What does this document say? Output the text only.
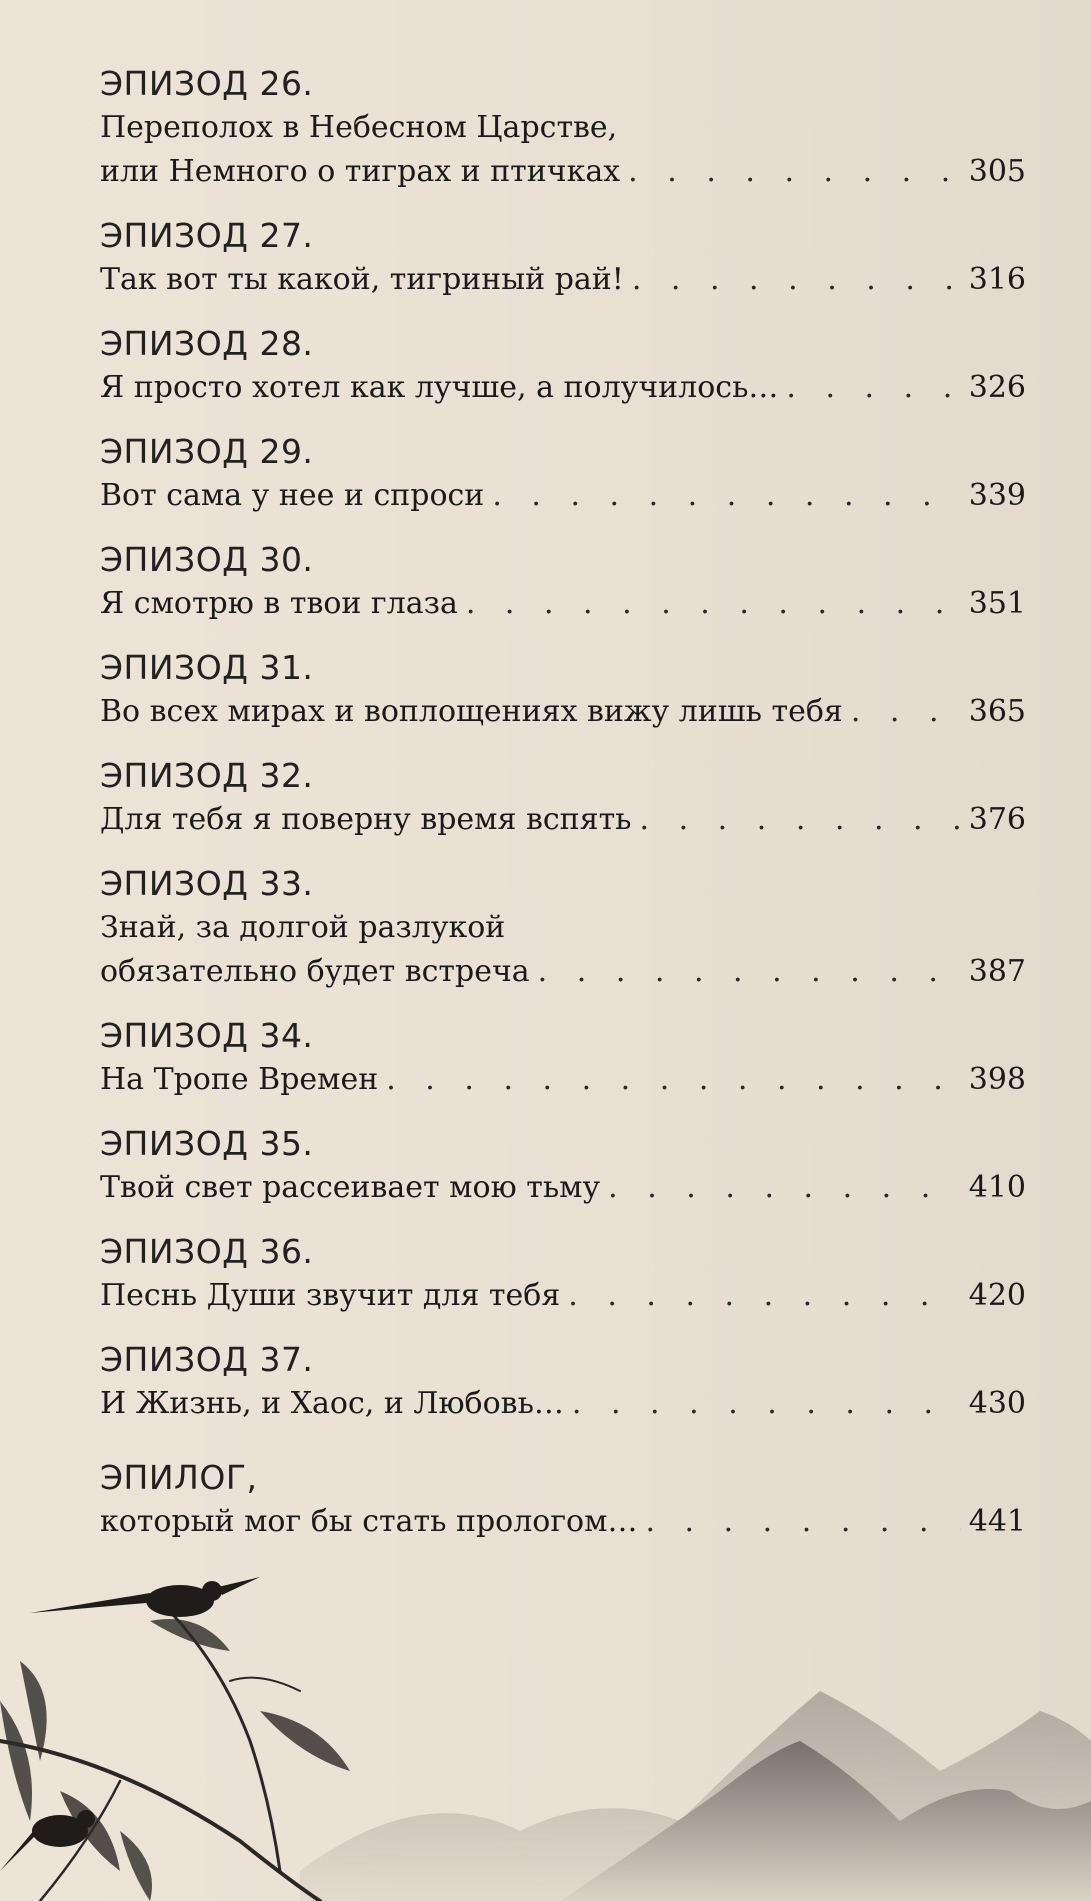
ЭПИЗОД 26.
Переполох в Небесном Царстве,
или Немного о тиграх и птичках . . .	305
ЭПИЗОД 27.
Так вот ты какой, тигриный рай! . . .	316
ЭПИЗОД 28.
Я просто хотел как лучше, а получилось… . . .	326
ЭПИЗОД 29.
Вот сама у нее и спроси . . .	339
ЭПИЗОД 30.
Я смотрю в твои глаза . . .	351
ЭПИЗОД 31.
Во всех мирах и воплощениях вижу лишь тебя . . .	365
ЭПИЗОД 32.
Для тебя я поверну время вспять . . .	376
ЭПИЗОД 33.
Знай, за долгой разлукой
обязательно будет встреча . . .	387
ЭПИЗОД 34.
На Тропе Времен . . .	398
ЭПИЗОД 35.
Твой свет рассеивает мою тьму . . .	410
ЭПИЗОД 36.
Песнь Души звучит для тебя . . .	420
ЭПИЗОД 37.
И Жизнь, и Хаос, и Любовь… . . .	430
ЭПИЛОГ,
который мог бы стать прологом… . . .	441
